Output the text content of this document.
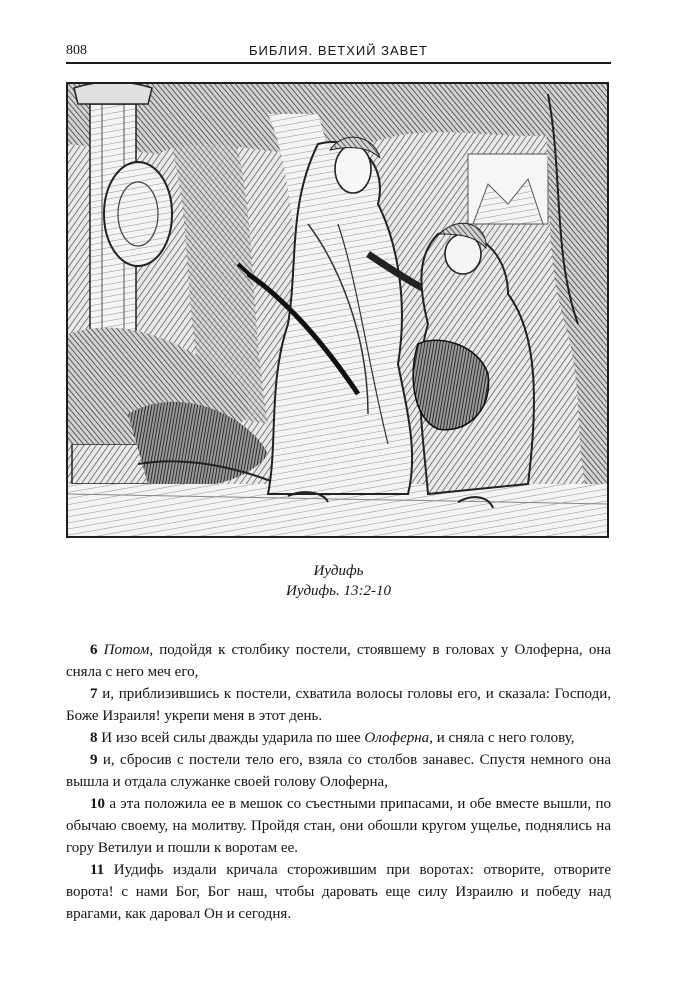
808	БИБЛИЯ. ВЕТХИЙ ЗАВЕТ
Иудифь
Иудифь. 13:2-10

6 Потом, подойдя к столбику постели, стоявшему в головах у Олоферна, она сняла с него меч его,

7 и, приблизившись к постели, схватила волосы головы его, и сказала: Господи, Боже Израиля! укрепи меня в этот день.

8 И изо всей силы дважды ударила по шее Олоферна, и сняла с него голову,

9 и, сбросив с постели тело его, взяла со столбов занавес. Спустя немного она вышла и отдала служанке своей голову Олоферна,

10 а эта положила ее в мешок со съестными припасами, и обе вместе вышли, по обычаю своему, на молитву. Пройдя стан, они обошли кругом ущелье, поднялись на гору Ветилуи и пошли к воротам ее.

11 Иудифь издали кричала сторожившим при воротах: отворите, отворите ворота! с нами Бог, Бог наш, чтобы даровать еще силу Израилю и победу над врагами, как даровал Он и сегодня.
